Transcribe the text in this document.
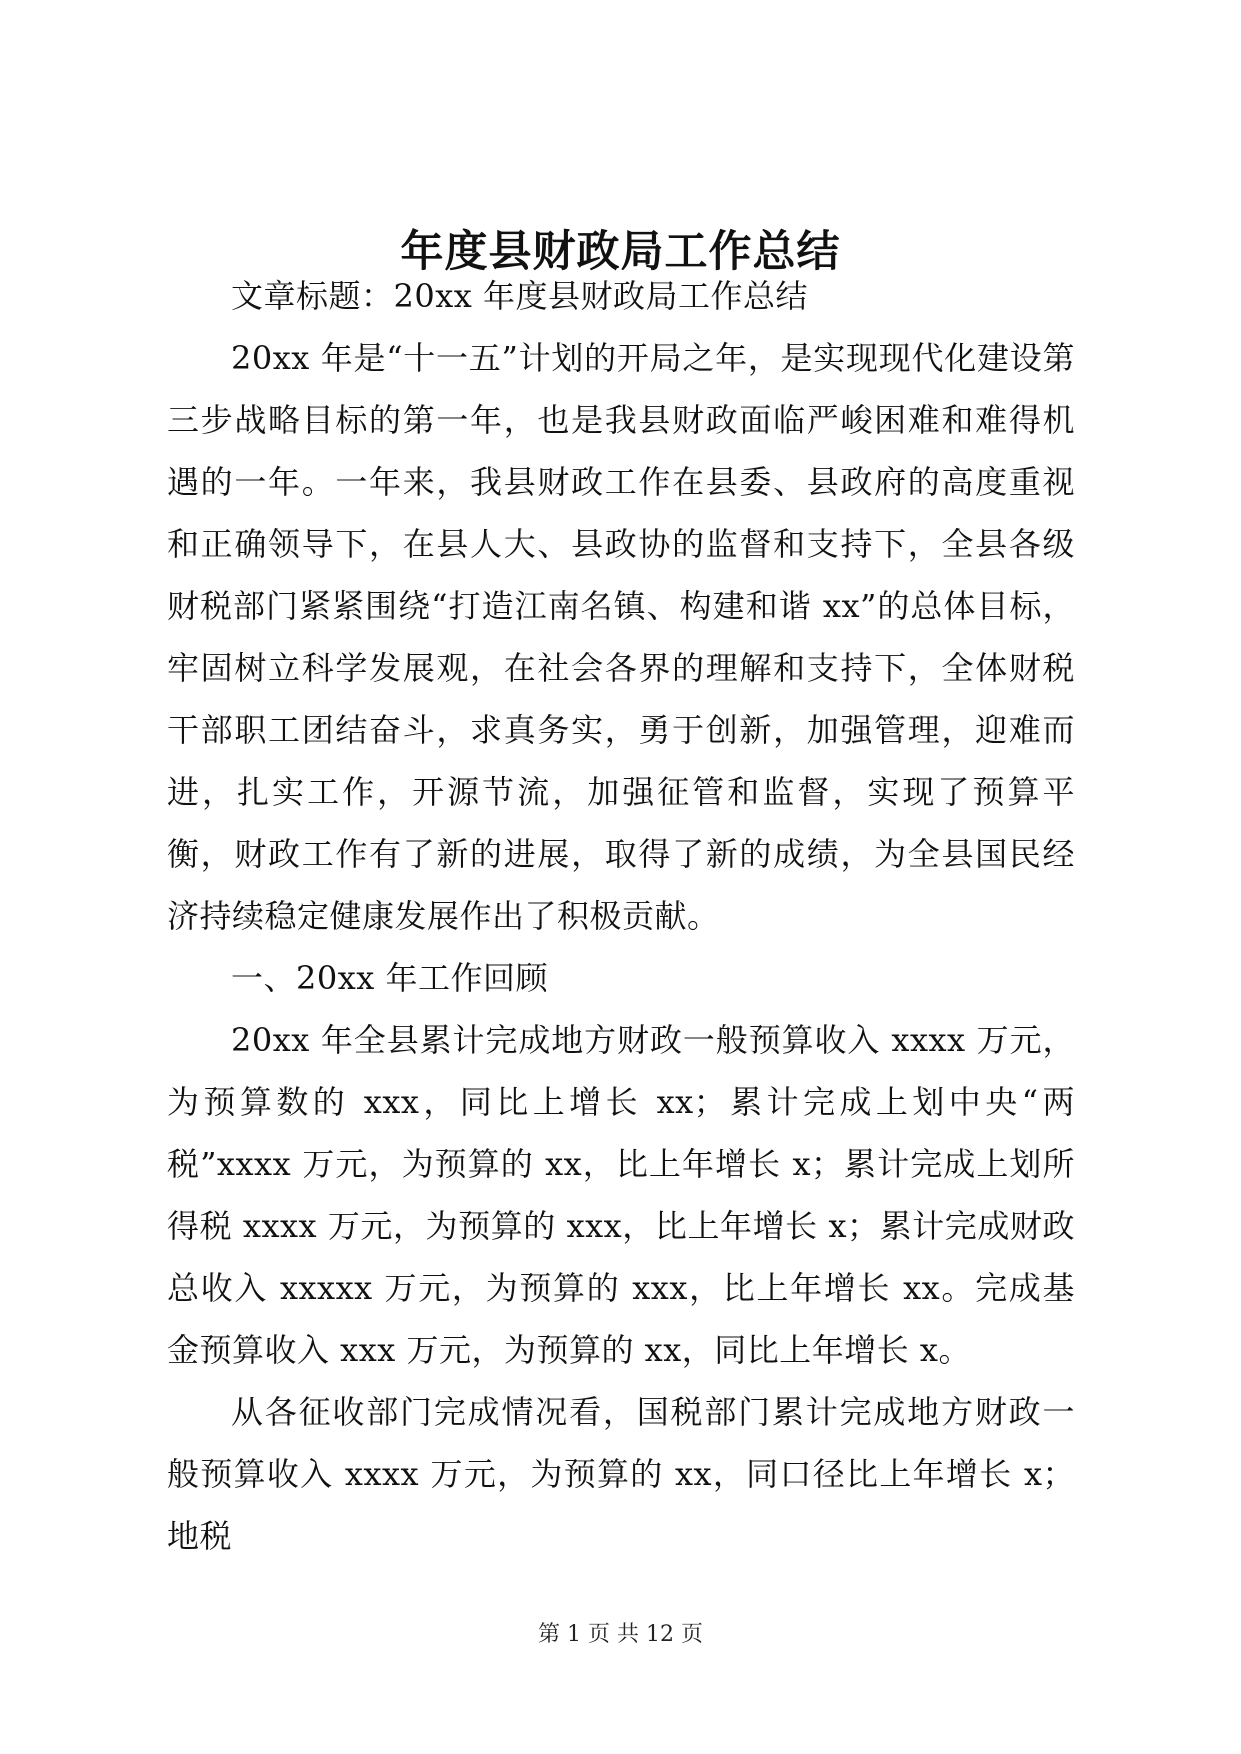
年度县财政局工作总结

文章标题：20xx 年度县财政局工作总结

20xx 年是“十一五”计划的开局之年，是实现现代化建设第三步战略目标的第一年，也是我县财政面临严峻困难和难得机遇的一年。一年来，我县财政工作在县委、县政府的高度重视和正确领导下，在县人大、县政协的监督和支持下，全县各级财税部门紧紧围绕“打造江南名镇、构建和谐 xx”的总体目标，牢固树立科学发展观，在社会各界的理解和支持下，全体财税干部职工团结奋斗，求真务实，勇于创新，加强管理，迎难而进，扎实工作，开源节流，加强征管和监督，实现了预算平衡，财政工作有了新的进展，取得了新的成绩，为全县国民经济持续稳定健康发展作出了积极贡献。

一、20xx 年工作回顾

20xx 年全县累计完成地方财政一般预算收入 xxxx 万元，为预算数的 xxx，同比上增长 xx；累计完成上划中央“两税”xxxx 万元，为预算的 xx，比上年增长 x；累计完成上划所得税 xxxx 万元，为预算的 xxx，比上年增长 x；累计完成财政总收入 xxxxx 万元，为预算的 xxx，比上年增长 xx。完成基金预算收入 xxx 万元，为预算的 xx，同比上年增长 x。

从各征收部门完成情况看，国税部门累计完成地方财政一般预算收入 xxxx 万元，为预算的 xx，同口径比上年增长 x；地税

第 1 页 共 12 页
